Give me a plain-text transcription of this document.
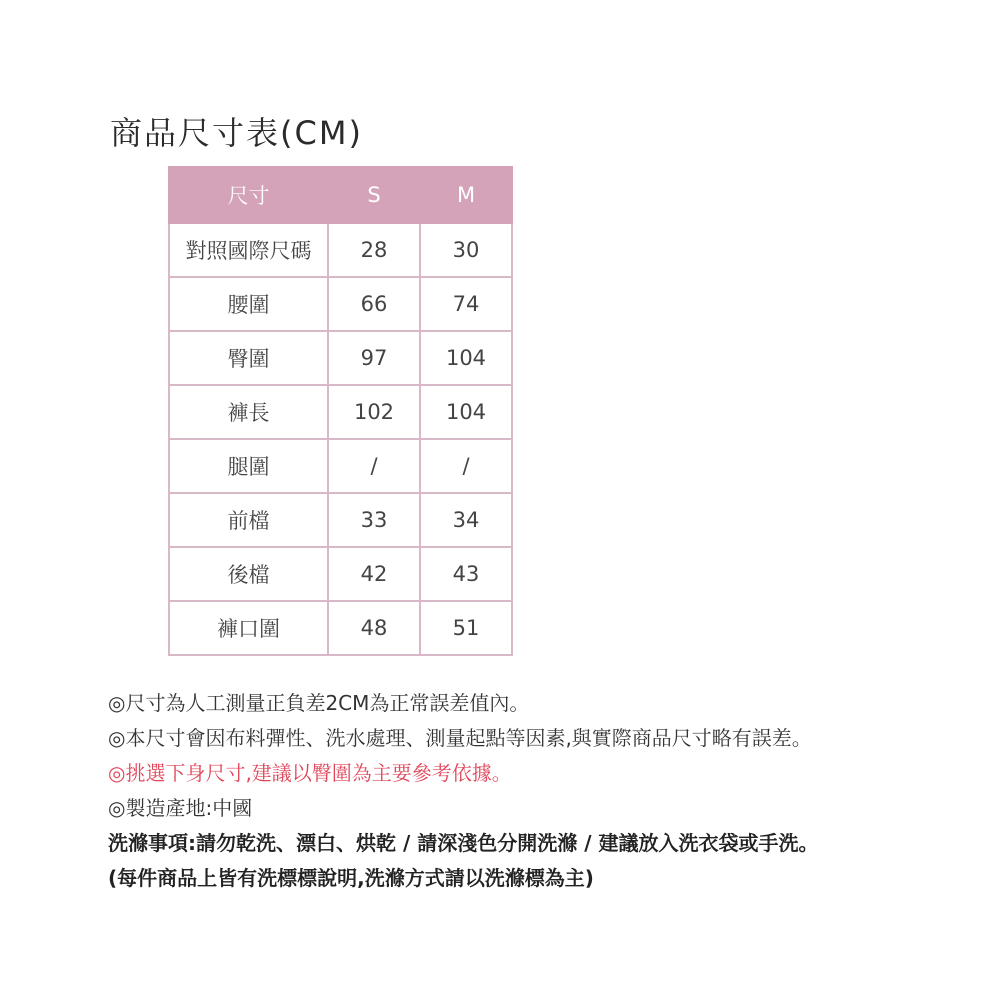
商品尺寸表(CM)
尺寸	S	M
對照國際尺碼	28	30
腰圍	66	74
臀圍	97	104
褲長	102	104
腿圍	/	/
前檔	33	34
後檔	42	43
褲口圍	48	51
◎尺寸為人工測量正負差2CM為正常誤差值內。
◎本尺寸會因布料彈性、洗水處理、測量起點等因素,與實際商品尺寸略有誤差。
◎挑選下身尺寸,建議以臀圍為主要參考依據。
◎製造產地:中國
洗滌事項:請勿乾洗、漂白、烘乾 / 請深淺色分開洗滌 / 建議放入洗衣袋或手洗。
(每件商品上皆有洗標標說明,洗滌方式請以洗滌標為主)
